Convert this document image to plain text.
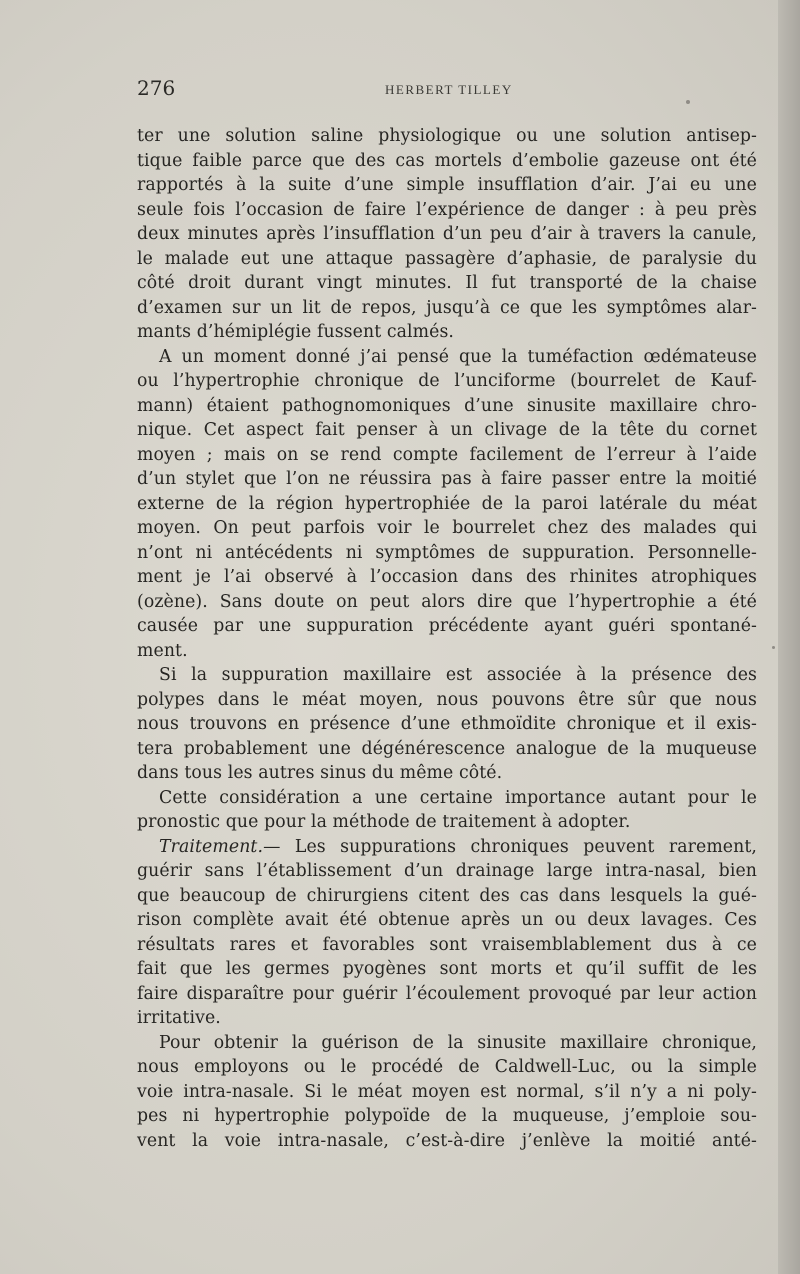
276	HERBERT TILLEY
ter une solution saline physiologique ou une solution antisep-
tique faible parce que des cas mortels d’embolie gazeuse ont été
rapportés à la suite d’une simple insufflation d’air. J’ai eu une
seule fois l’occasion de faire l’expérience de danger : à peu près
deux minutes après l’insufflation d’un peu d’air à travers la canule,
le malade eut une attaque passagère d’aphasie, de paralysie du
côté droit durant vingt minutes. Il fut transporté de la chaise
d’examen sur un lit de repos, jusqu’à ce que les symptômes alar-
mants d’hémiplégie fussent calmés.
A un moment donné j’ai pensé que la tuméfaction œdémateuse
ou l’hypertrophie chronique de l’unciforme (bourrelet de Kauf-
mann) étaient pathognomoniques d’une sinusite maxillaire chro-
nique. Cet aspect fait penser à un clivage de la tête du cornet
moyen ; mais on se rend compte facilement de l’erreur à l’aide
d’un stylet que l’on ne réussira pas à faire passer entre la moitié
externe de la région hypertrophiée de la paroi latérale du méat
moyen. On peut parfois voir le bourrelet chez des malades qui
n’ont ni antécédents ni symptômes de suppuration. Personnelle-
ment je l’ai observé à l’occasion dans des rhinites atrophiques
(ozène). Sans doute on peut alors dire que l’hypertrophie a été
causée par une suppuration précédente ayant guéri spontané-
ment.
Si la suppuration maxillaire est associée à la présence des
polypes dans le méat moyen, nous pouvons être sûr que nous
nous trouvons en présence d’une ethmoïdite chronique et il exis-
tera probablement une dégénérescence analogue de la muqueuse
dans tous les autres sinus du même côté.
Cette considération a une certaine importance autant pour le
pronostic que pour la méthode de traitement à adopter.
Traitement.— Les suppurations chroniques peuvent rarement,
guérir sans l’établissement d’un drainage large intra-nasal, bien
que beaucoup de chirurgiens citent des cas dans lesquels la gué-
rison complète avait été obtenue après un ou deux lavages. Ces
résultats rares et favorables sont vraisemblablement dus à ce
fait que les germes pyogènes sont morts et qu’il suffit de les
faire disparaître pour guérir l’écoulement provoqué par leur action
irritative.
Pour obtenir la guérison de la sinusite maxillaire chronique,
nous employons ou le procédé de Caldwell-Luc, ou la simple
voie intra-nasale. Si le méat moyen est normal, s’il n’y a ni poly-
pes ni hypertrophie polypoïde de la muqueuse, j’emploie sou-
vent la voie intra-nasale, c’est-à-dire j’enlève la moitié anté-
